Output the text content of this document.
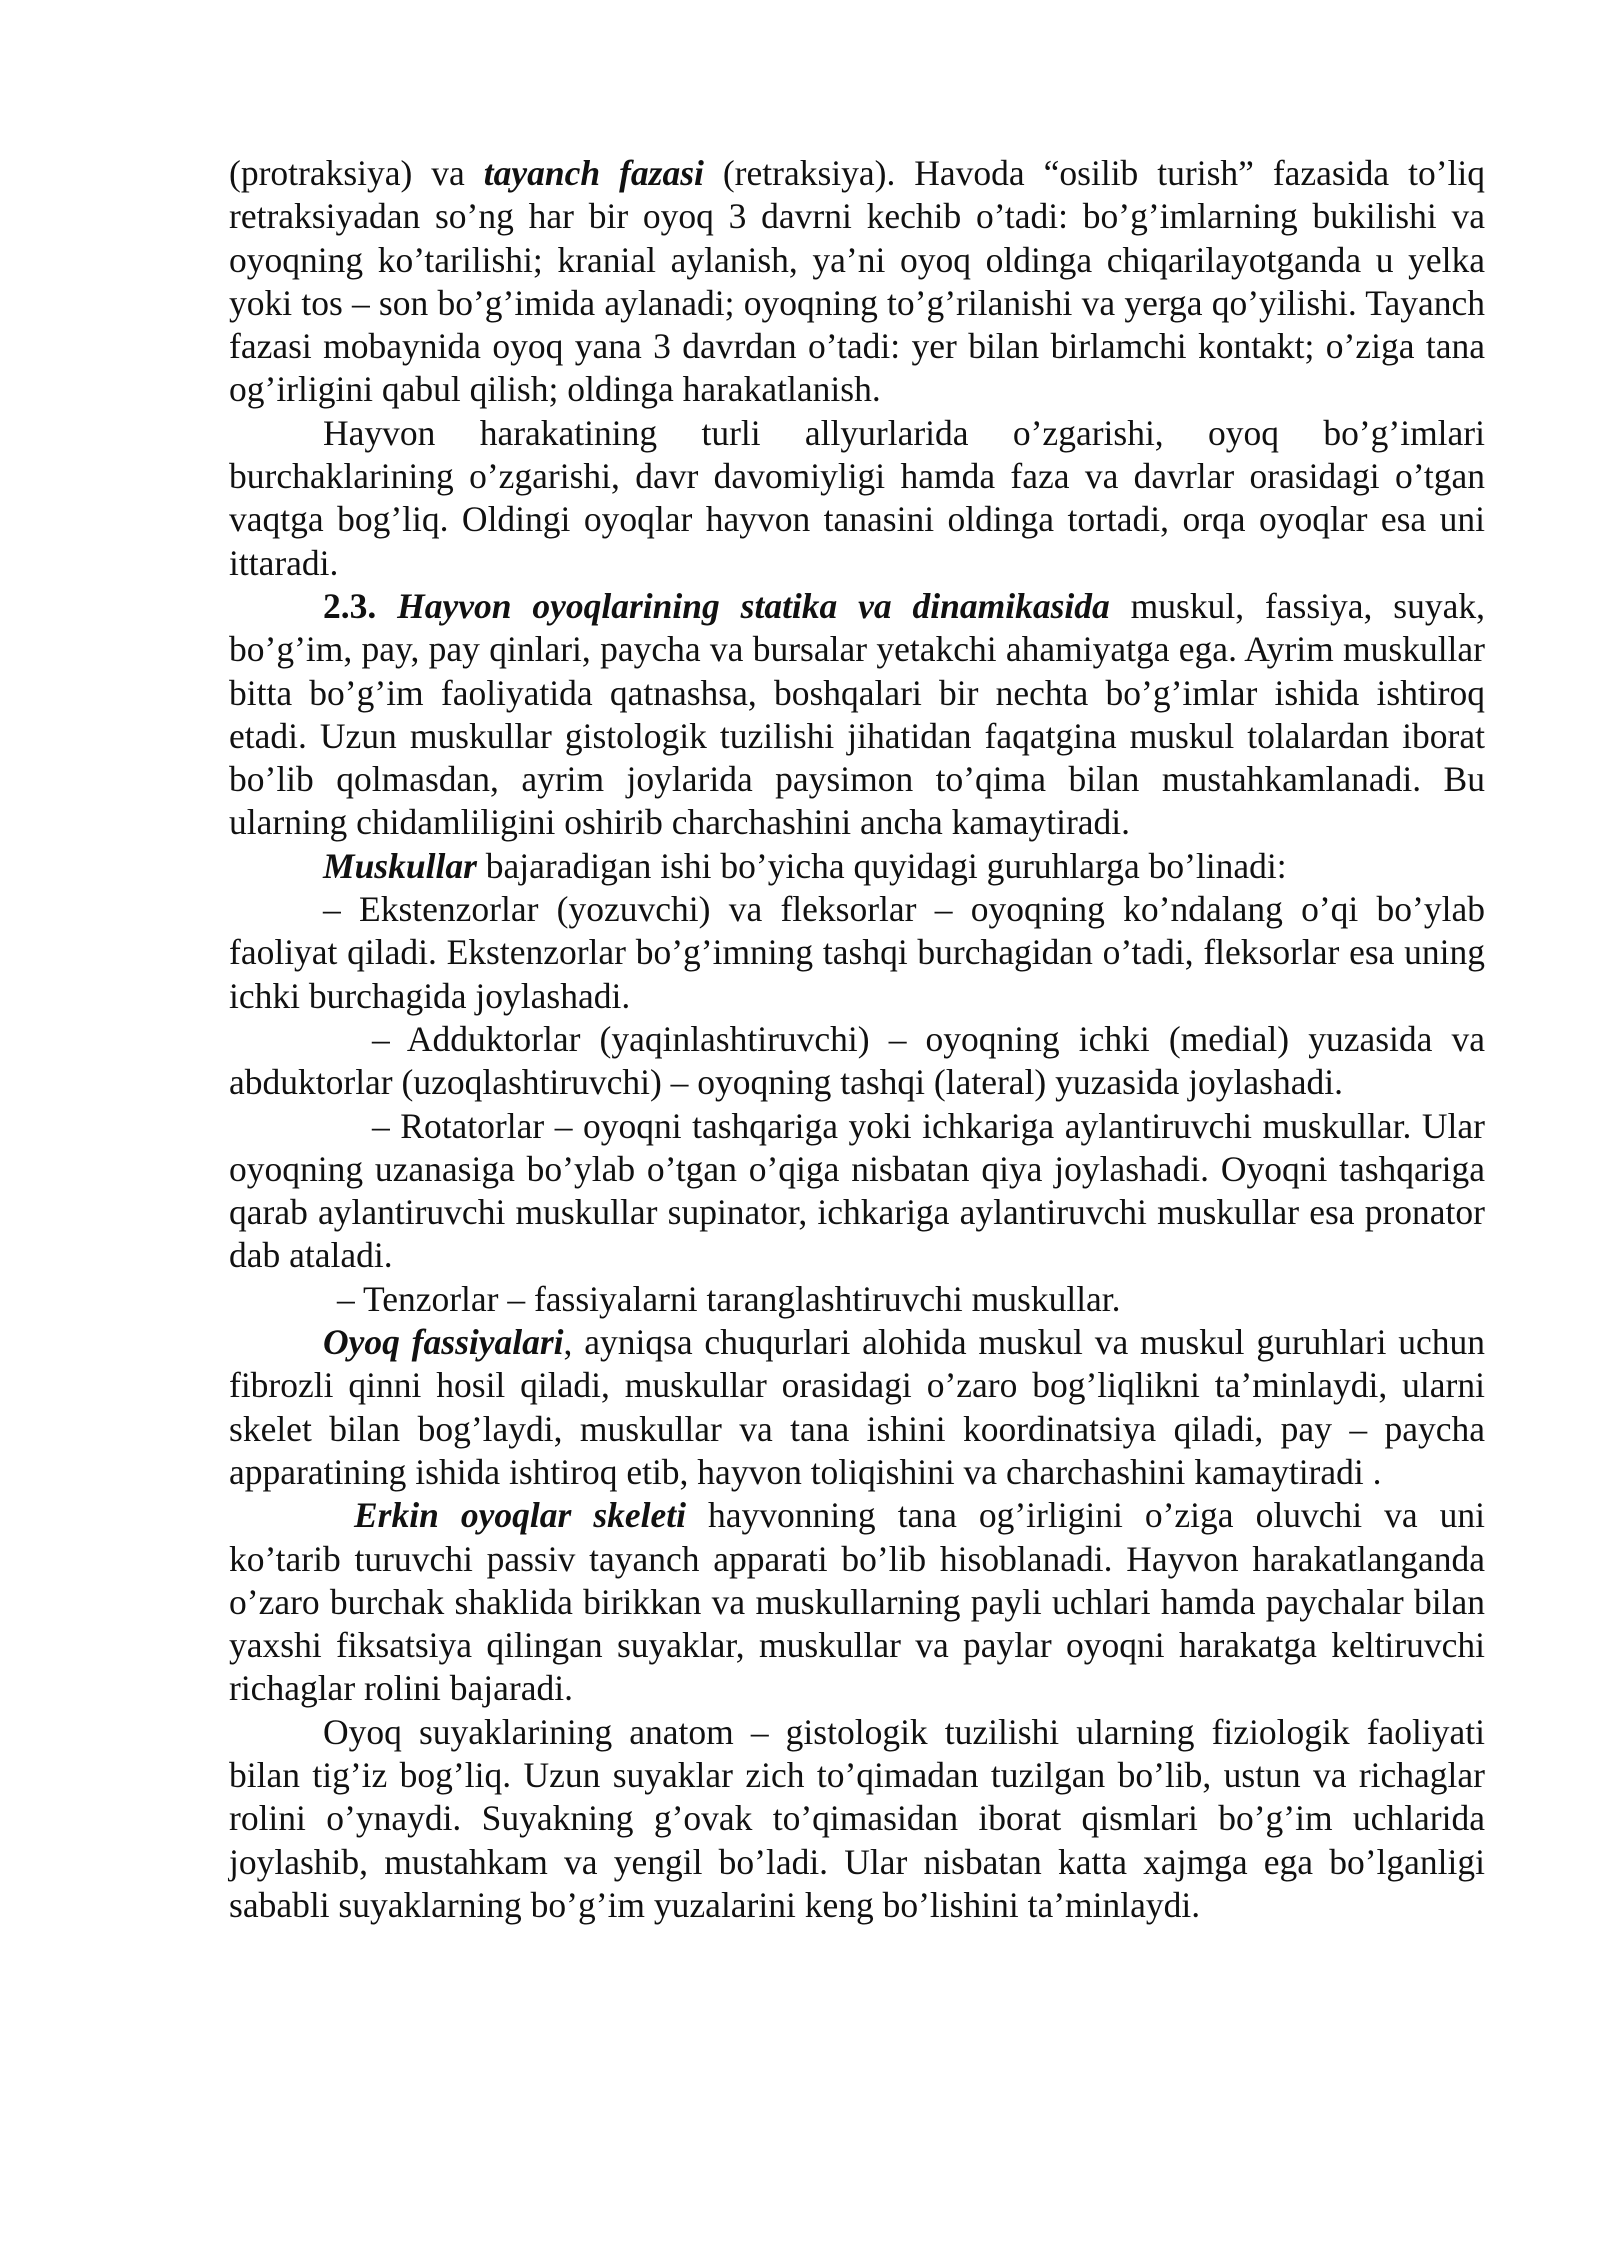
(protraksiya) va tayanch fazasi (retraksiya). Havoda “osilib turish” fazasida to’liq retraksiyadan so’ng har bir oyoq 3 davrni kechib o’tadi: bo’g’imlarning bukilishi va oyoqning ko’tarilishi; kranial aylanish, ya’ni oyoq oldinga chiqarilayotganda u yelka yoki tos – son bo’g’imida aylanadi; oyoqning to’g’rilanishi va yerga qo’yilishi. Tayanch fazasi mobaynida oyoq yana 3 davrdan o’tadi: yer bilan birlamchi kontakt; o’ziga tana og’irligini qabul qilish; oldinga harakatlanish.

Hayvon harakatining turli allyurlarida o’zgarishi, oyoq bo’g’imlari burchaklarining o’zgarishi, davr davomiyligi hamda faza va davrlar orasidagi o’tgan vaqtga bog’liq. Oldingi oyoqlar hayvon tanasini oldinga tortadi, orqa oyoqlar esa uni ittaradi.

2.3. Hayvon oyoqlarining statika va dinamikasida muskul, fassiya, suyak, bo’g’im, pay, pay qinlari, paycha va bursalar yetakchi ahamiyatga ega. Ayrim muskullar bitta bo’g’im faoliyatida qatnashsa, boshqalari bir nechta bo’g’imlar ishida ishtiroq etadi. Uzun muskullar gistologik tuzilishi jihatidan faqatgina muskul tolalardan iborat bo’lib qolmasdan, ayrim joylarida paysimon to’qima bilan mustahkamlanadi. Bu ularning chidamliligini oshirib charchashini ancha kamaytiradi.

Muskullar bajaradigan ishi bo’yicha quyidagi guruhlarga bo’linadi:

– Ekstenzorlar (yozuvchi) va fleksorlar – oyoqning ko’ndalang o’qi bo’ylab faoliyat qiladi. Ekstenzorlar bo’g’imning tashqi burchagidan o’tadi, fleksorlar esa uning ichki burchagida joylashadi.

– Adduktorlar (yaqinlashtiruvchi) – oyoqning ichki (medial) yuzasida va abduktorlar (uzoqlashtiruvchi) – oyoqning tashqi (lateral) yuzasida joylashadi.

– Rotatorlar – oyoqni tashqariga yoki ichkariga aylantiruvchi muskullar. Ular oyoqning uzanasiga bo’ylab o’tgan o’qiga nisbatan qiya joylashadi. Oyoqni tashqariga qarab aylantiruvchi muskullar supinator, ichkariga aylantiruvchi muskullar esa pronator dab ataladi.

– Tenzorlar – fassiyalarni taranglashtiruvchi muskullar.

Oyoq fassiyalari, ayniqsa chuqurlari alohida muskul va muskul guruhlari uchun fibrozli qinni hosil qiladi, muskullar orasidagi o’zaro bog’liqlikni ta’minlaydi, ularni skelet bilan bog’laydi, muskullar va tana ishini koordinatsiya qiladi, pay – paycha apparatining ishida ishtiroq etib, hayvon toliqishini va charchashini kamaytiradi .

Erkin oyoqlar skeleti hayvonning tana og’irligini o’ziga oluvchi va uni ko’tarib turuvchi passiv tayanch apparati bo’lib hisoblanadi. Hayvon harakatlanganda o’zaro burchak shaklida birikkan va muskullarning payli uchlari hamda paychalar bilan yaxshi fiksatsiya qilingan suyaklar, muskullar va paylar oyoqni harakatga keltiruvchi richaglar rolini bajaradi.

Oyoq suyaklarining anatom – gistologik tuzilishi ularning fiziologik faoliyati bilan tig’iz bog’liq. Uzun suyaklar zich to’qimadan tuzilgan bo’lib, ustun va richaglar rolini o’ynaydi. Suyakning g’ovak to’qimasidan iborat qismlari bo’g’im uchlarida joylashib, mustahkam va yengil bo’ladi. Ular nisbatan katta xajmga ega bo’lganligi sababli suyaklarning bo’g’im yuzalarini keng bo’lishini ta’minlaydi.
